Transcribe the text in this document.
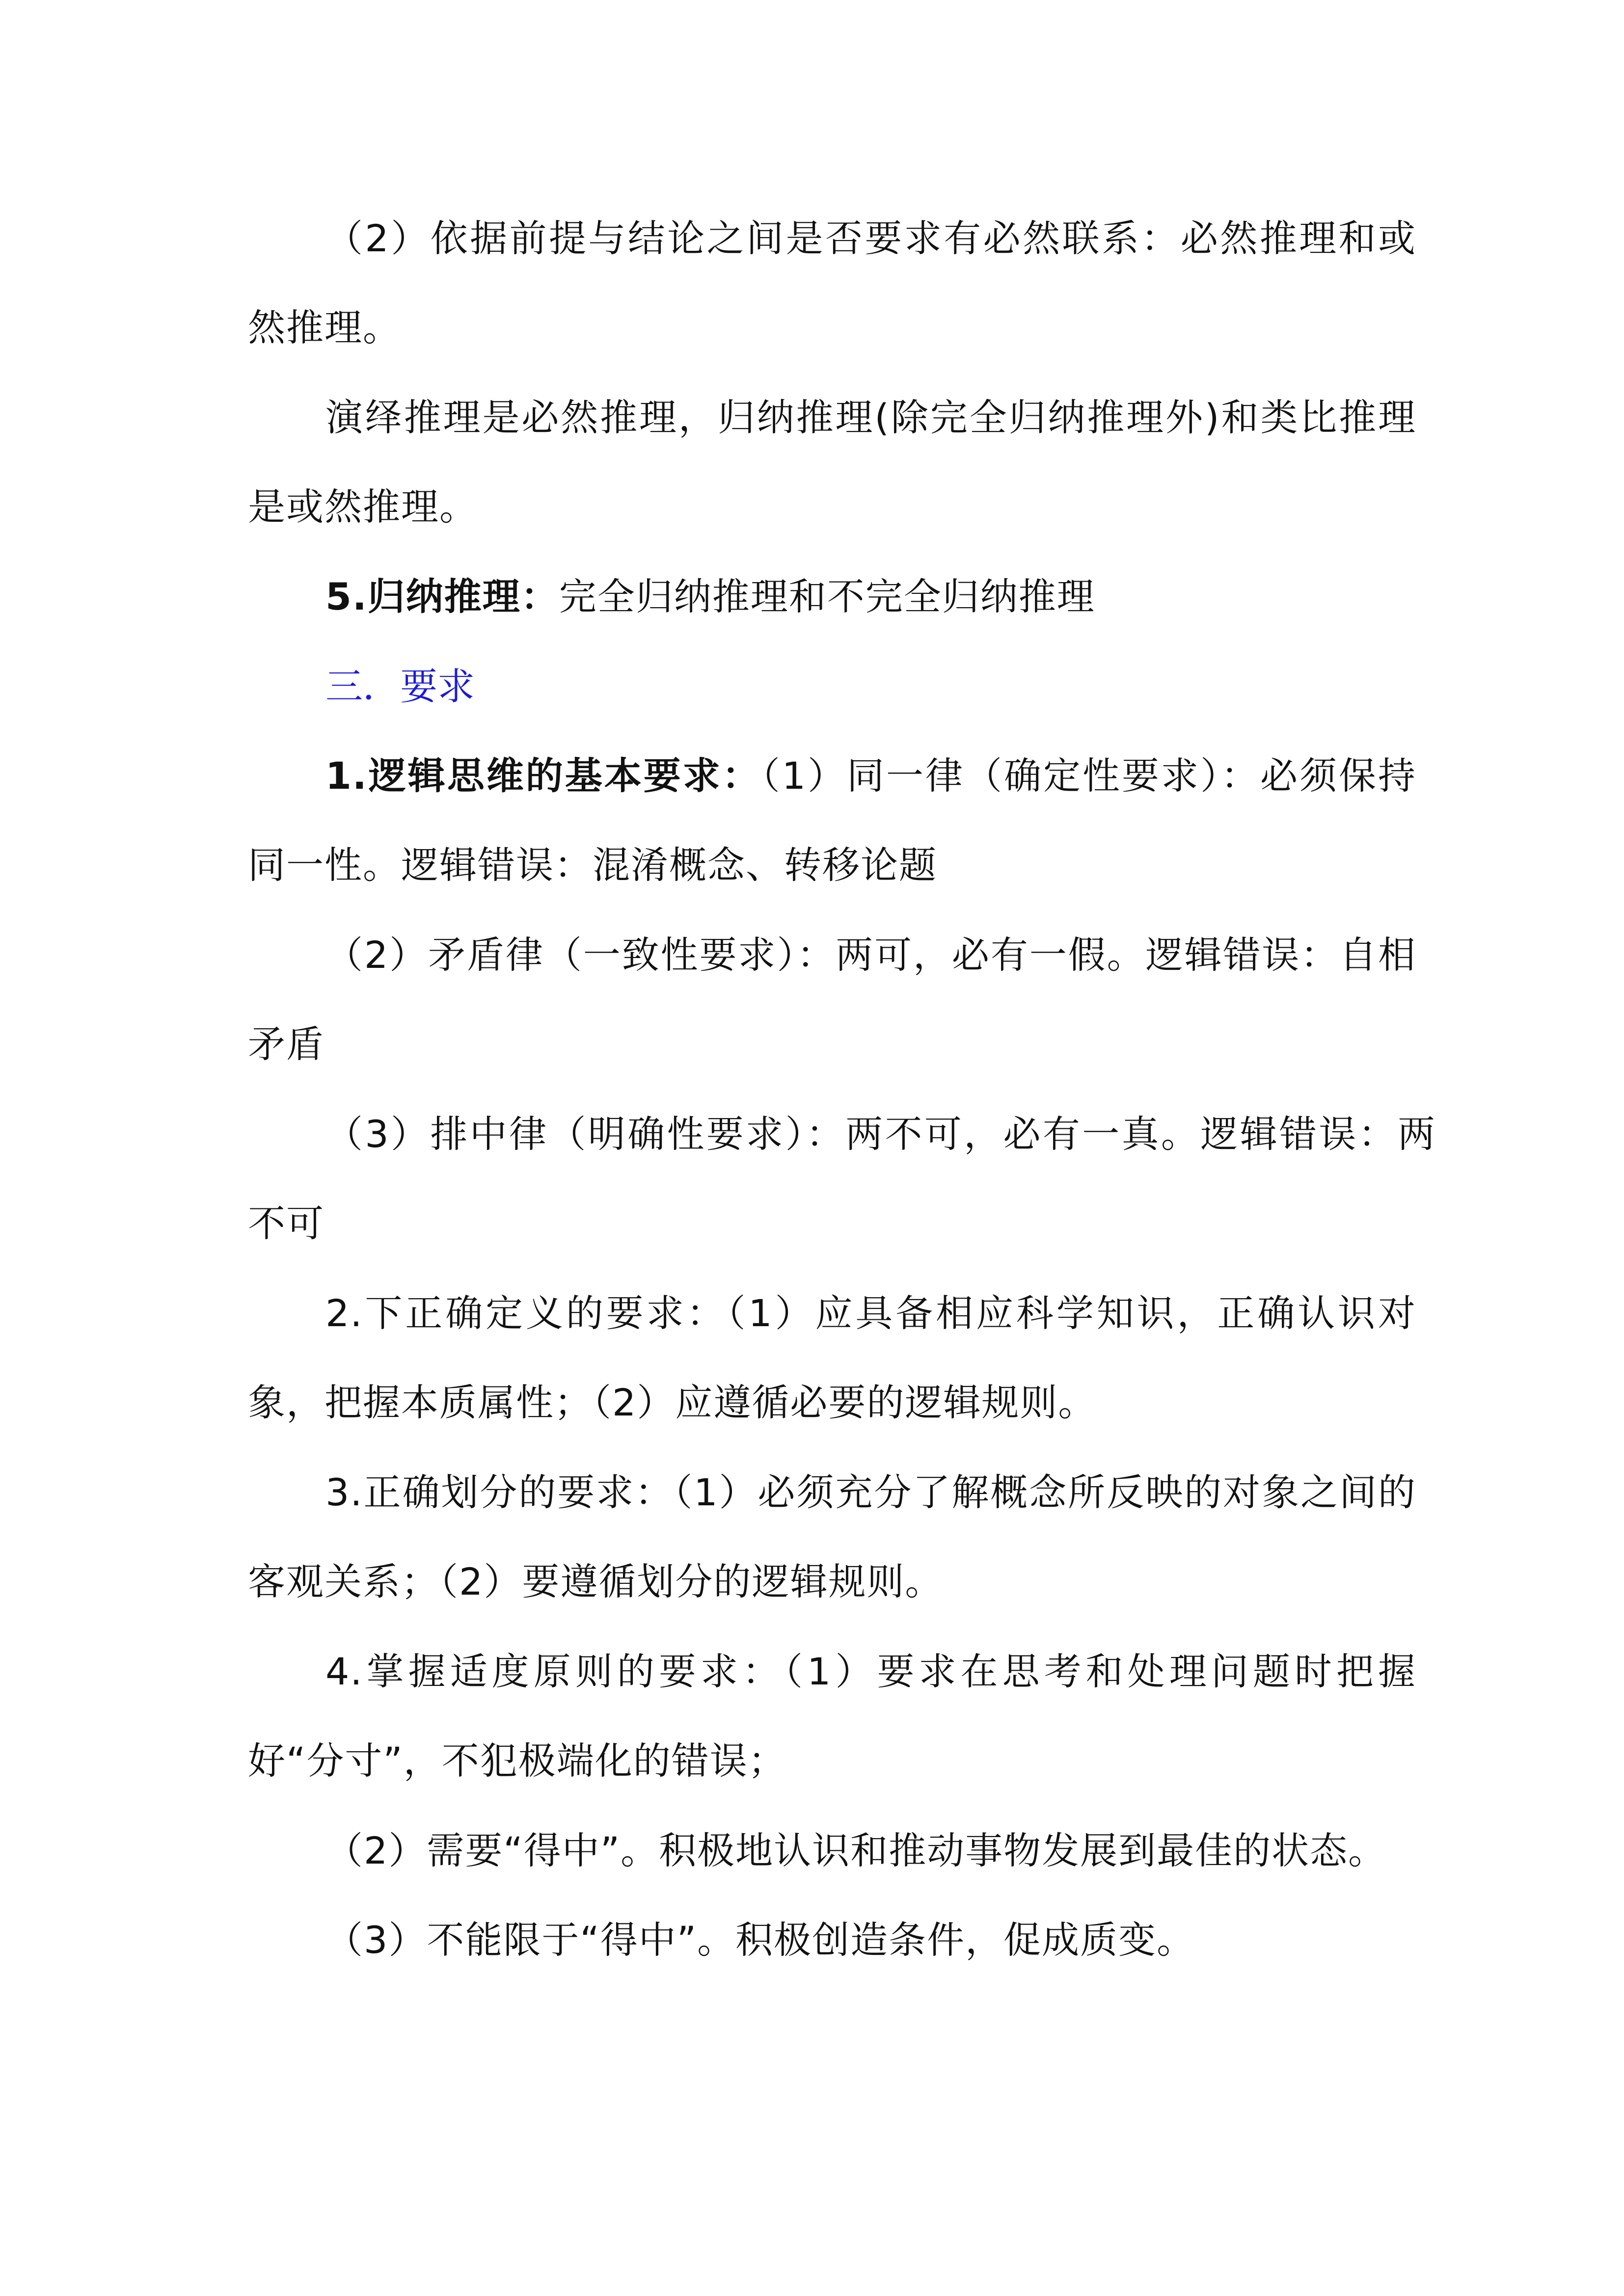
（2）依据前提与结论之间是否要求有必然联系：必然推理和或然推理。
演绎推理是必然推理，归纳推理(除完全归纳推理外)和类比推理是或然推理。
5.归纳推理：完全归纳推理和不完全归纳推理
三．要求
1.逻辑思维的基本要求：（1）同一律（确定性要求）：必须保持同一性。逻辑错误：混淆概念、转移论题
（2）矛盾律（一致性要求）：两可，必有一假。逻辑错误：自相矛盾
（3）排中律（明确性要求）：两不可，必有一真。逻辑错误：两不可
2.下正确定义的要求：（1）应具备相应科学知识，正确认识对象，把握本质属性；（2）应遵循必要的逻辑规则。
3.正确划分的要求：（1）必须充分了解概念所反映的对象之间的客观关系；（2）要遵循划分的逻辑规则。
4.掌握适度原则的要求：（1）要求在思考和处理问题时把握好“分寸”，不犯极端化的错误；
（2）需要“得中”。积极地认识和推动事物发展到最佳的状态。
（3）不能限于“得中”。积极创造条件，促成质变。
